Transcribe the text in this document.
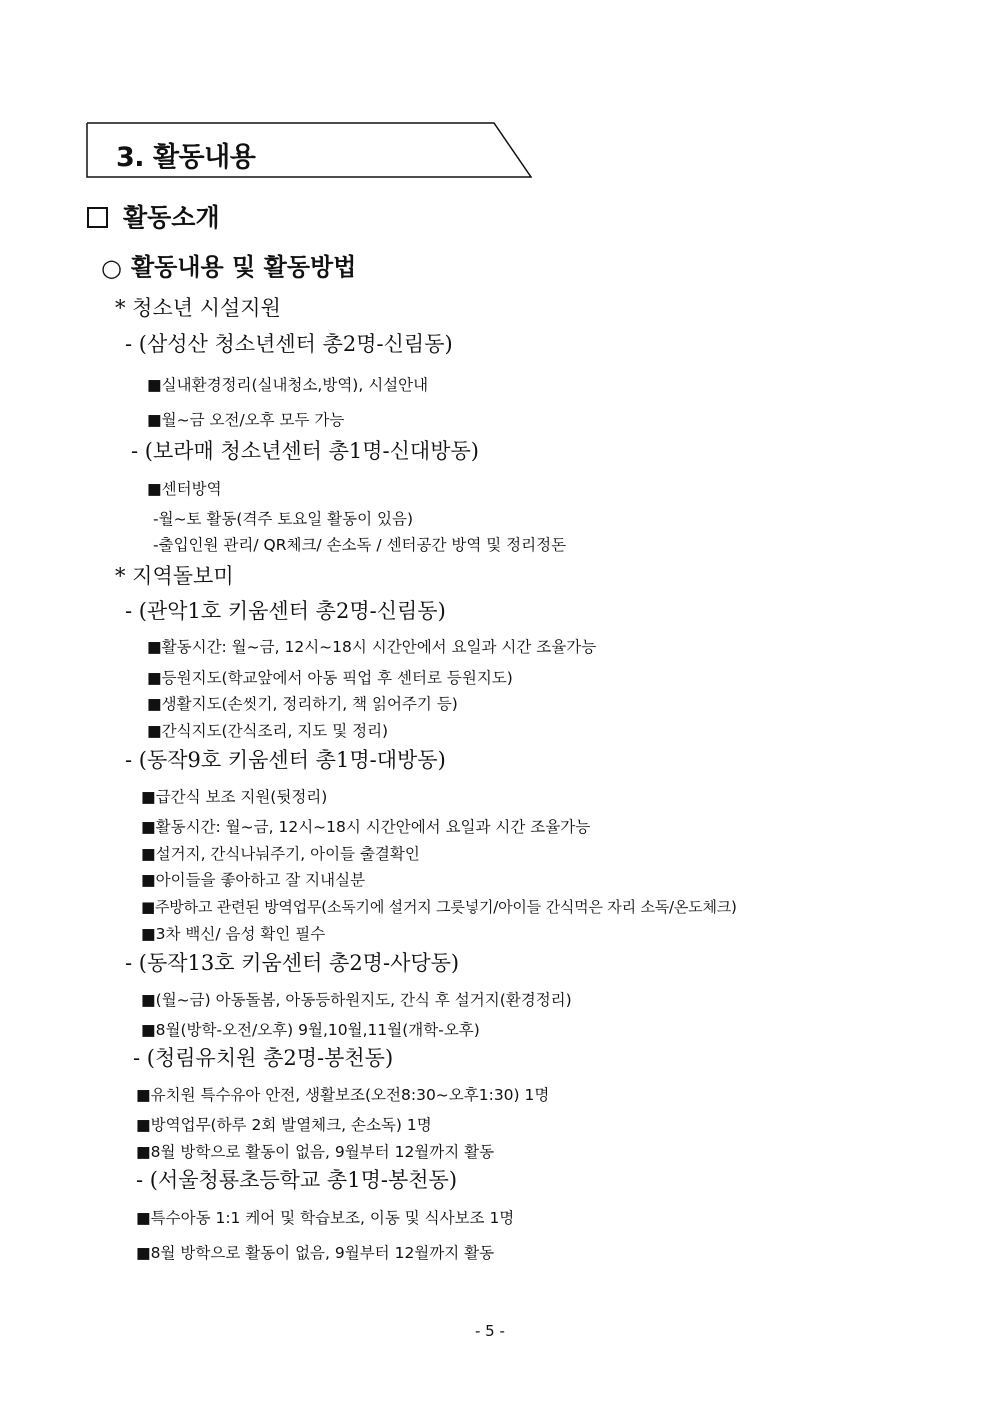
3. 활동내용
활동소개
○ 활동내용 및 활동방법
* 청소년 시설지원
- (삼성산 청소년센터 총2명-신림동)
■실내환경정리(실내청소,방역), 시설안내
■월~금 오전/오후 모두 가능
- (보라매 청소년센터 총1명-신대방동)
■센터방역
-월~토 활동(격주 토요일 활동이 있음)
-출입인원 관리/ QR체크/ 손소독 / 센터공간 방역 및 정리정돈
* 지역돌보미
- (관악1호 키움센터 총2명-신림동)
■활동시간: 월~금, 12시~18시 시간안에서 요일과 시간 조율가능
■등원지도(학교앞에서 아동 픽업 후 센터로 등원지도)
■생활지도(손씻기, 정리하기, 책 읽어주기 등)
■간식지도(간식조리, 지도 및 정리)
- (동작9호 키움센터 총1명-대방동)
■급간식 보조 지원(뒷정리)
■활동시간: 월~금, 12시~18시 시간안에서 요일과 시간 조율가능
■설거지, 간식나눠주기, 아이들 출결확인
■아이들을 좋아하고 잘 지내실분
■주방하고 관련된 방역업무(소독기에 설거지 그릇넣기/아이들 간식먹은 자리 소독/온도체크)
■3차 백신/ 음성 확인 필수
- (동작13호 키움센터 총2명-사당동)
■(월~금) 아동돌봄, 아동등하원지도, 간식 후 설거지(환경정리)
■8월(방학-오전/오후) 9월,10월,11월(개학-오후)
- (청림유치원 총2명-봉천동)
■유치원 특수유아 안전, 생활보조(오전8:30~오후1:30) 1명
■방역업무(하루 2회 발열체크, 손소독) 1명
■8월 방학으로 활동이 없음, 9월부터 12월까지 활동
- (서울청룡초등학교 총1명-봉천동)
■특수아동 1:1 케어 및 학습보조, 이동 및 식사보조 1명
■8월 방학으로 활동이 없음, 9월부터 12월까지 활동
- 5 -
